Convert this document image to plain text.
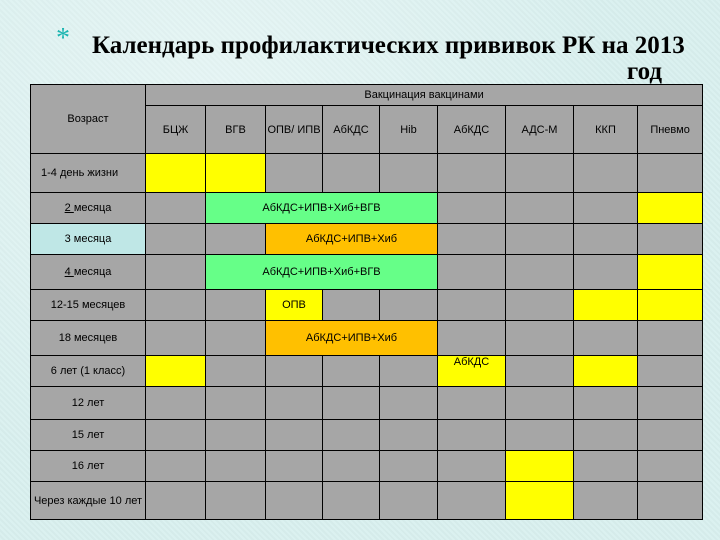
* Календарь профилактических прививок РК на 2013
год
Возраст	Вакцинация вакцинами								
	БЦЖ	ВГВ	ОПВ/ ИПВ	АбКДС	Hib	АбКДС	АДС-М	ККП	Пневмо
1-4 день жизни									
2 месяца		АбКДС+ИПВ+Хиб+ВГВ							
3 месяца			АбКДС+ИПВ+Хиб						
4 месяца		АбКДС+ИПВ+Хиб+ВГВ							
12-15 месяцев			ОПВ						
18 месяцев			АбКДС+ИПВ+Хиб						
6 лет (1 класс)						АбКДС			
12 лет									
15 лет									
16 лет									
Через каждые 10 лет									
